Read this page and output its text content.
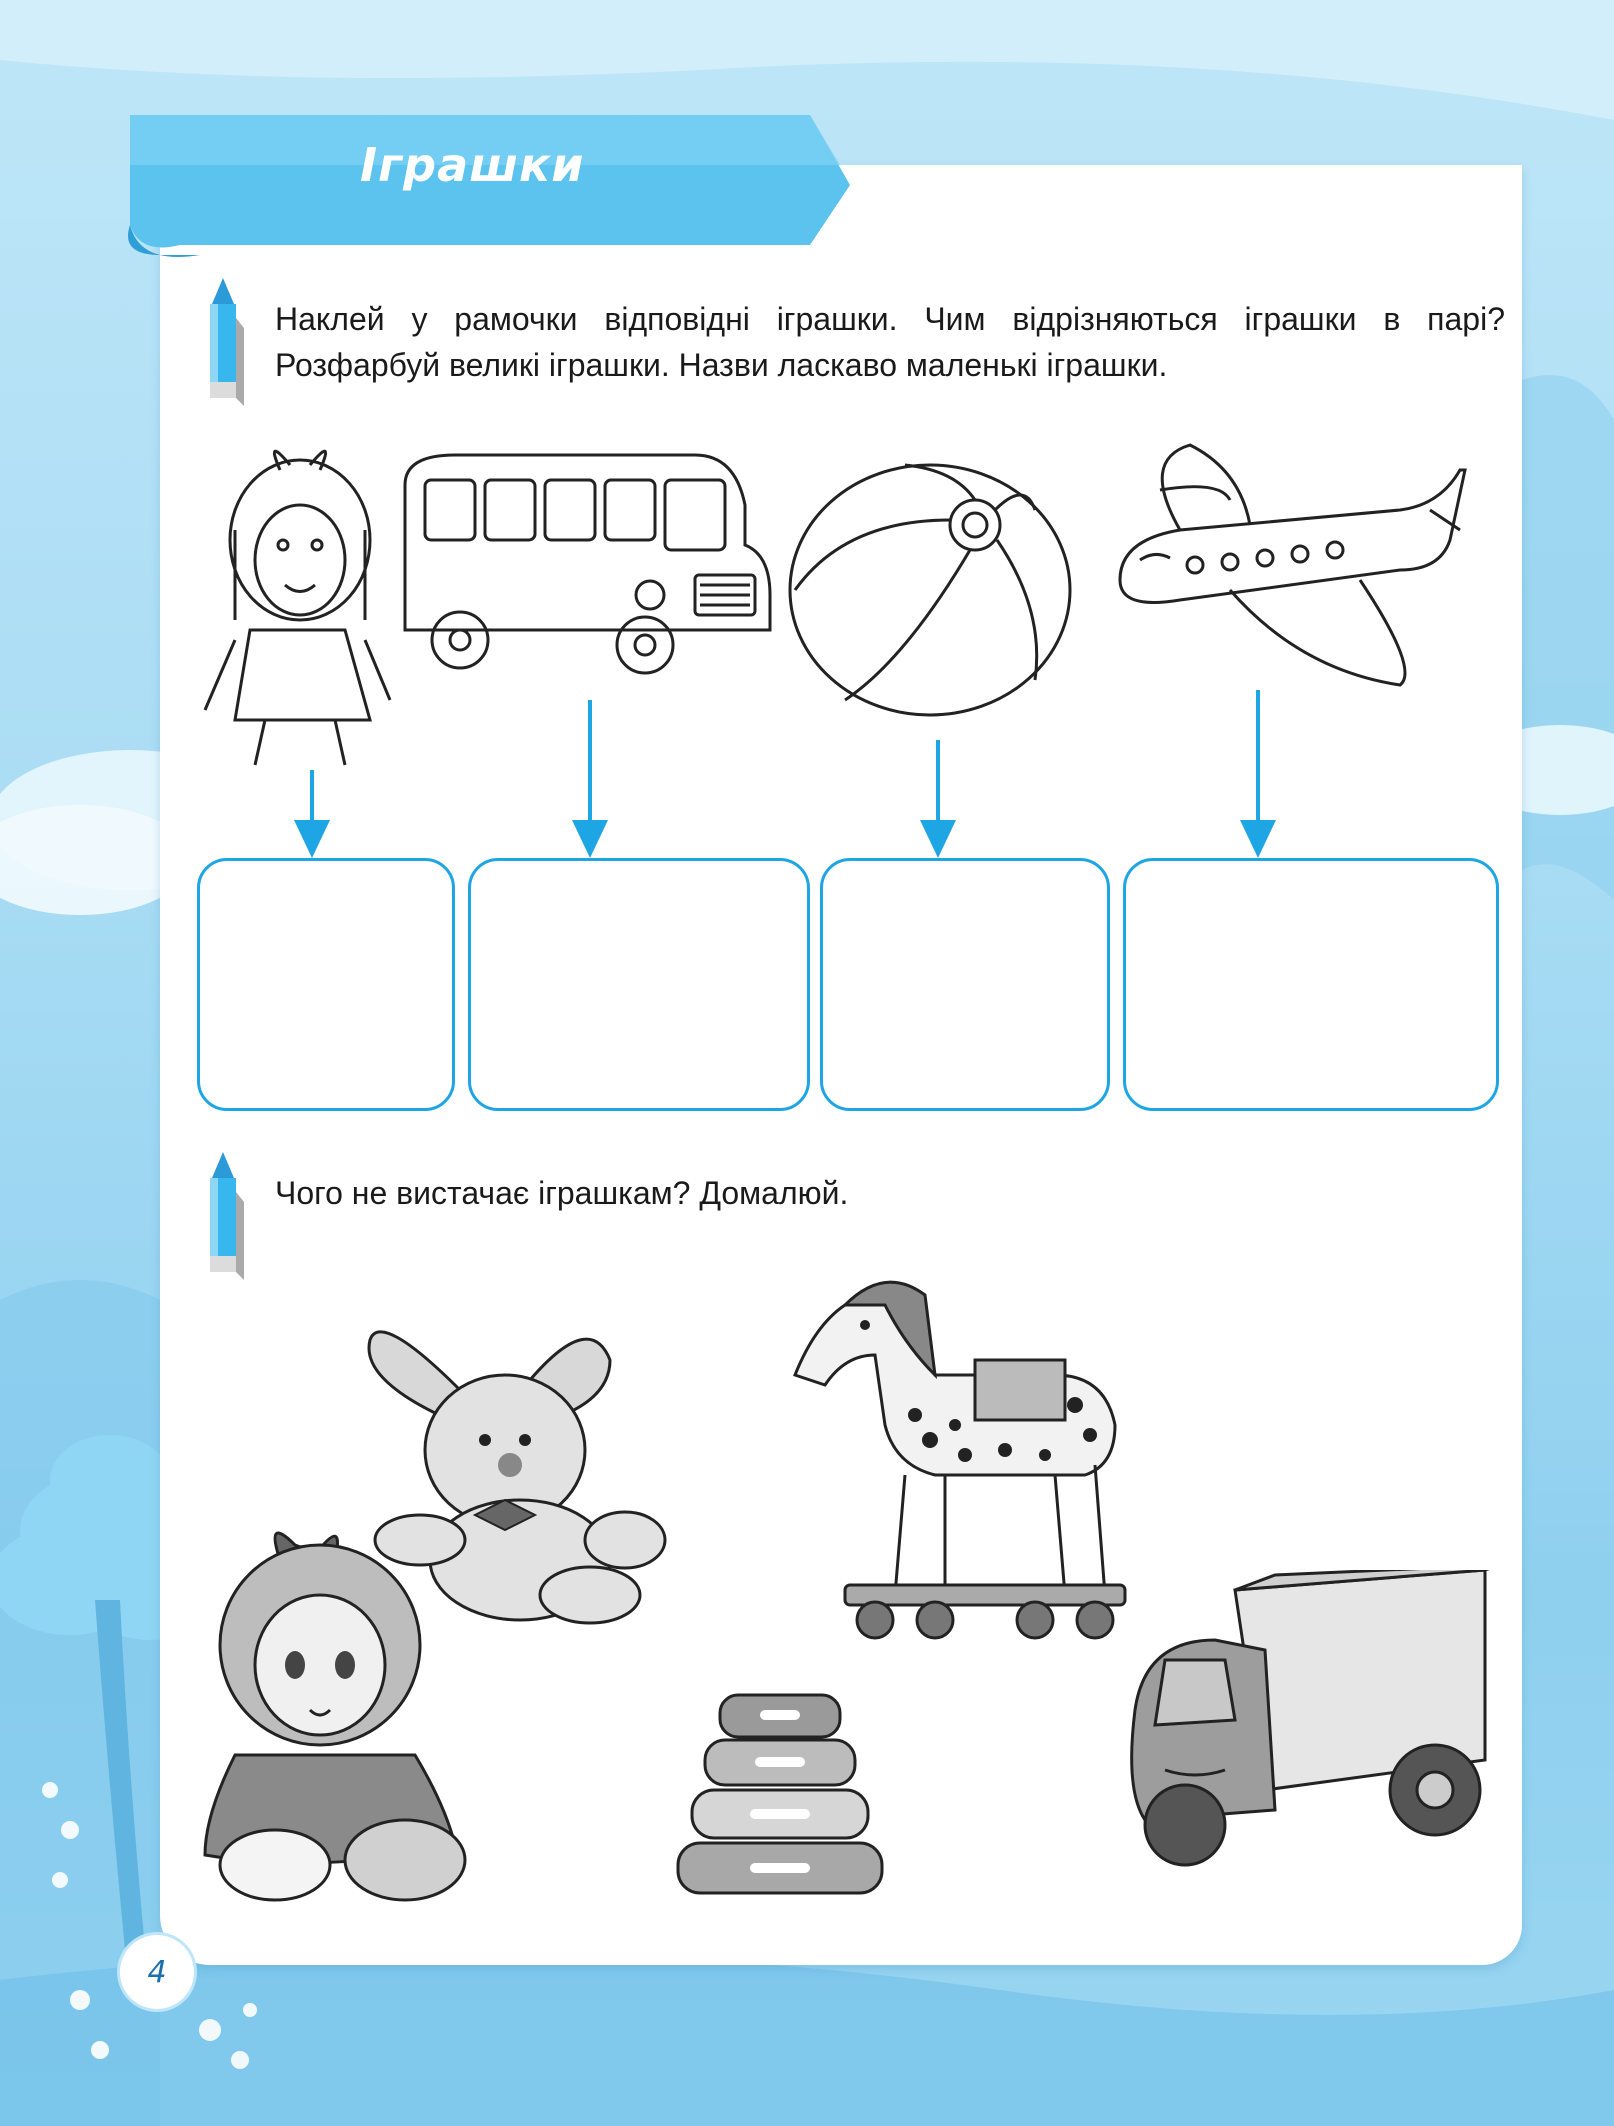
Іграшки
Наклей у рамочки відповідні іграшки. Чим відрізняються іграшки в парі? Розфарбуй великі іграшки. Назви ласкаво маленькі іграшки.
Чого не вистачає іграшкам? Домалюй.
4
